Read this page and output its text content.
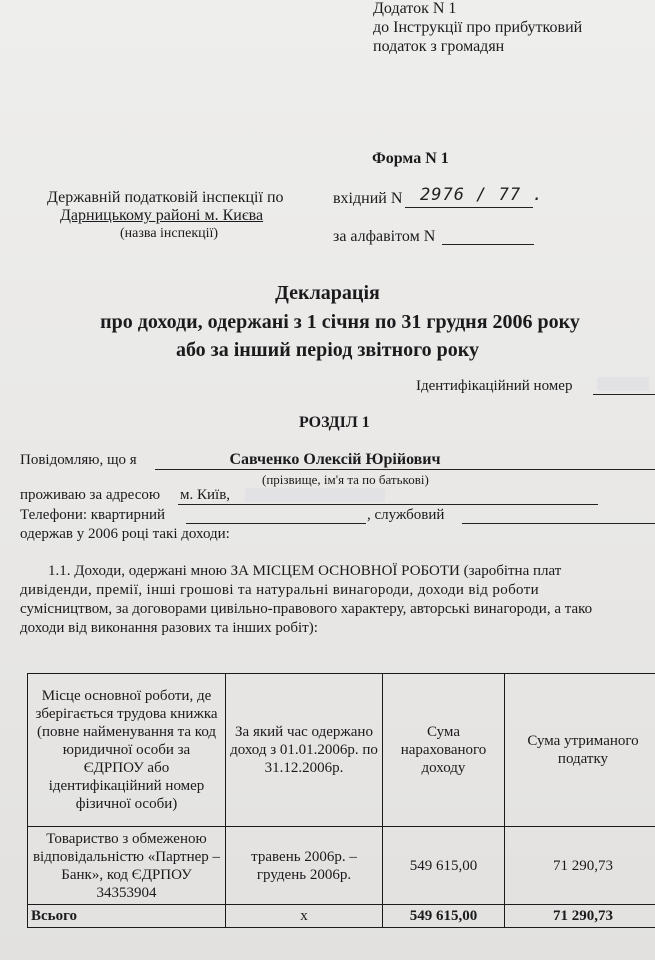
Додаток N 1
до Інструкції про прибутковий
податок з громадян
Форма N 1
Державній податковій інспекції по
Дарницькому районі м. Києва
(назва інспекції)
вхідний N 2976 / 77 .
за алфавітом N
Декларація
про доходи, одержані з 1 січня по 31 грудня 2006 року
або за інший період звітного року
Ідентифікаційний номер
РОЗДІЛ 1
Повідомляю, що я	Савченко Олексій Юрійович
(прізвище, ім'я та по батькові)
проживаю за адресою м. Київ,
Телефони: квартирний	, службовий
одержав у 2006 році такі доходи:
1.1. Доходи, одержані мною ЗА МІСЦЕМ ОСНОВНОЇ РОБОТИ (заробітна плат
дивіденди, премії, інші грошові та натуральні винагороди, доходи від роботи
сумісництвом, за договорами цивільно-правового характеру, авторські винагороди, а тако
доходи від виконання разових та інших робіт):
Місце основної роботи, де зберігається трудова книжка (повне найменування та код юридичної особи за ЄДРПОУ або ідентифікаційний номер фізичної особи)	За який час одержано доход з 01.01.2006р. по 31.12.2006р.	Сума нарахованого доходу	Сума утриманого податку
Товариство з обмеженою відповідальністю «Партнер – Банк», код ЄДРПОУ 34353904	травень 2006р. – грудень 2006р.	549 615,00	71 290,73
Всього	x	549 615,00	71 290,73
